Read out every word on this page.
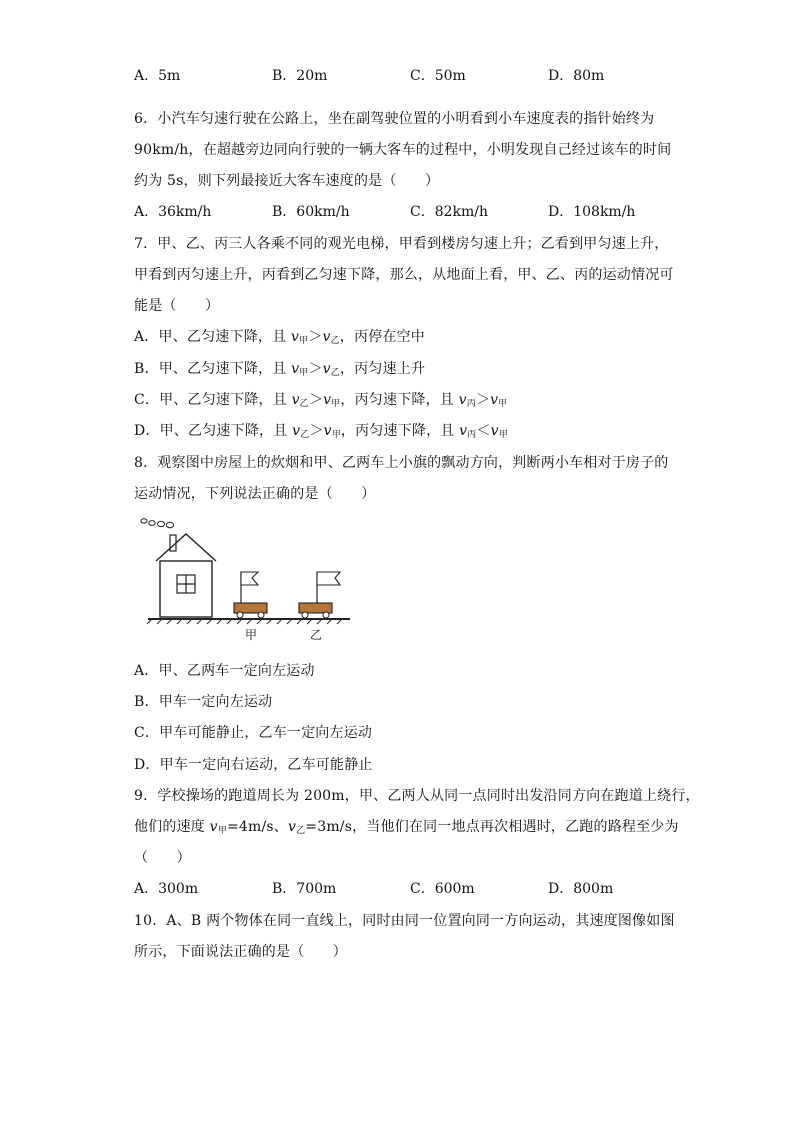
A．5m	B．20m	C．50m	D．80m
6．小汽车匀速行驶在公路上，坐在副驾驶位置的小明看到小车速度表的指针始终为
90km/h，在超越旁边同向行驶的一辆大客车的过程中，小明发现自己经过该车的时间
约为 5s，则下列最接近大客车速度的是（　　）
A．36km/h	B．60km/h	C．82km/h	D．108km/h
7．甲、乙、丙三人各乘不同的观光电梯，甲看到楼房匀速上升；乙看到甲匀速上升，
甲看到丙匀速上升，丙看到乙匀速下降，那么，从地面上看，甲、乙、丙的运动情况可
能是（　　）
A．甲、乙匀速下降，且 $v_甲>v_乙$，丙停在空中
B．甲、乙匀速下降，且 $v_甲>v_乙$，丙匀速上升
C．甲、乙匀速下降，且 $v_乙>v_甲$，丙匀速下降，且 $v_丙>v_甲$
D．甲、乙匀速下降，且 $v_乙>v_甲$，丙匀速下降，且 $v_丙<v_甲$
8．观察图中房屋上的炊烟和甲、乙两车上小旗的飘动方向，判断两小车相对于房子的
运动情况，下列说法正确的是（　　）
甲	乙
A．甲、乙两车一定向左运动
B．甲车一定向左运动
C．甲车可能静止，乙车一定向左运动
D．甲车一定向右运动，乙车可能静止
9．学校操场的跑道周长为 200m，甲、乙两人从同一点同时出发沿同方向在跑道上绕行，
他们的速度 $v_甲=4m/s$、$v_乙=3m/s$，当他们在同一地点再次相遇时，乙跑的路程至少为
（　　）
A．300m	B．700m	C．600m	D．800m
10．A、B 两个物体在同一直线上，同时由同一位置向同一方向运动，其速度图像如图
所示，下面说法正确的是（　　）
